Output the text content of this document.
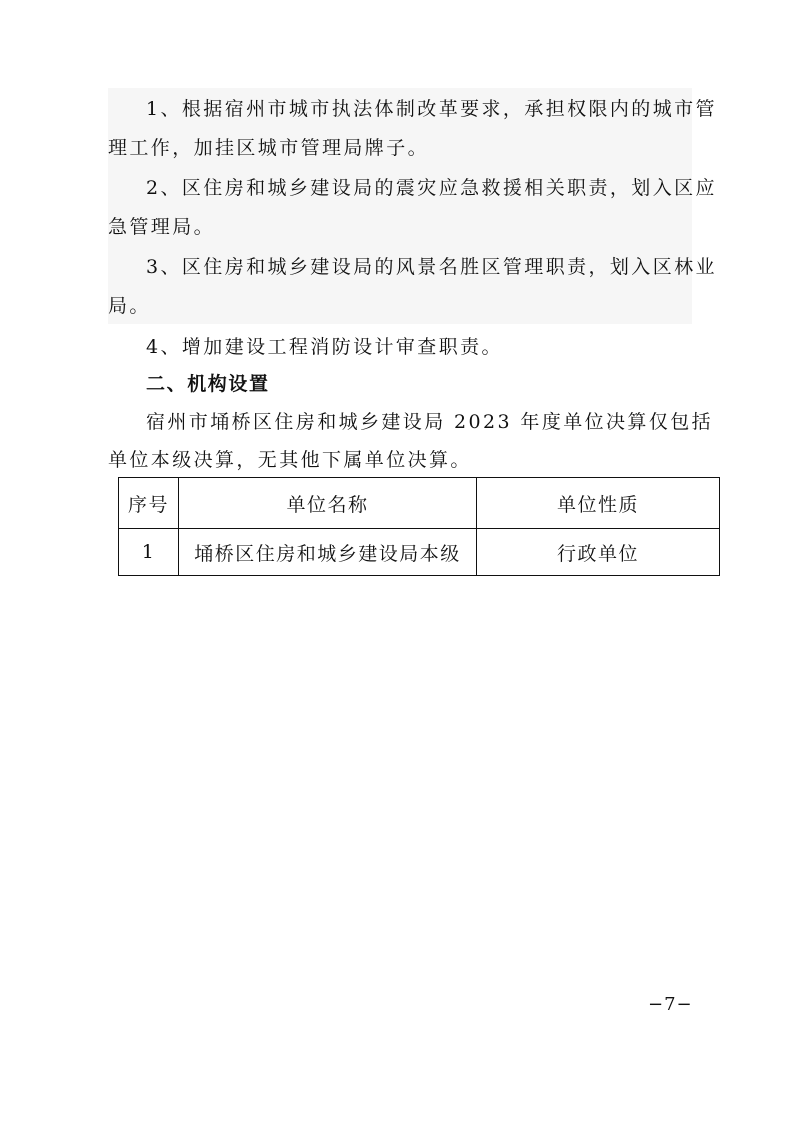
1、根据宿州市城市执法体制改革要求，承担权限内的城市管
理工作，加挂区城市管理局牌子。
2、区住房和城乡建设局的震灾应急救援相关职责，划入区应
急管理局。
3、区住房和城乡建设局的风景名胜区管理职责，划入区林业
局。
4、增加建设工程消防设计审查职责。
二、机构设置
宿州市埇桥区住房和城乡建设局 2023 年度单位决算仅包括
单位本级决算，无其他下属单位决算。
序号	单位名称	单位性质
1	埇桥区住房和城乡建设局本级	行政单位
−7−
